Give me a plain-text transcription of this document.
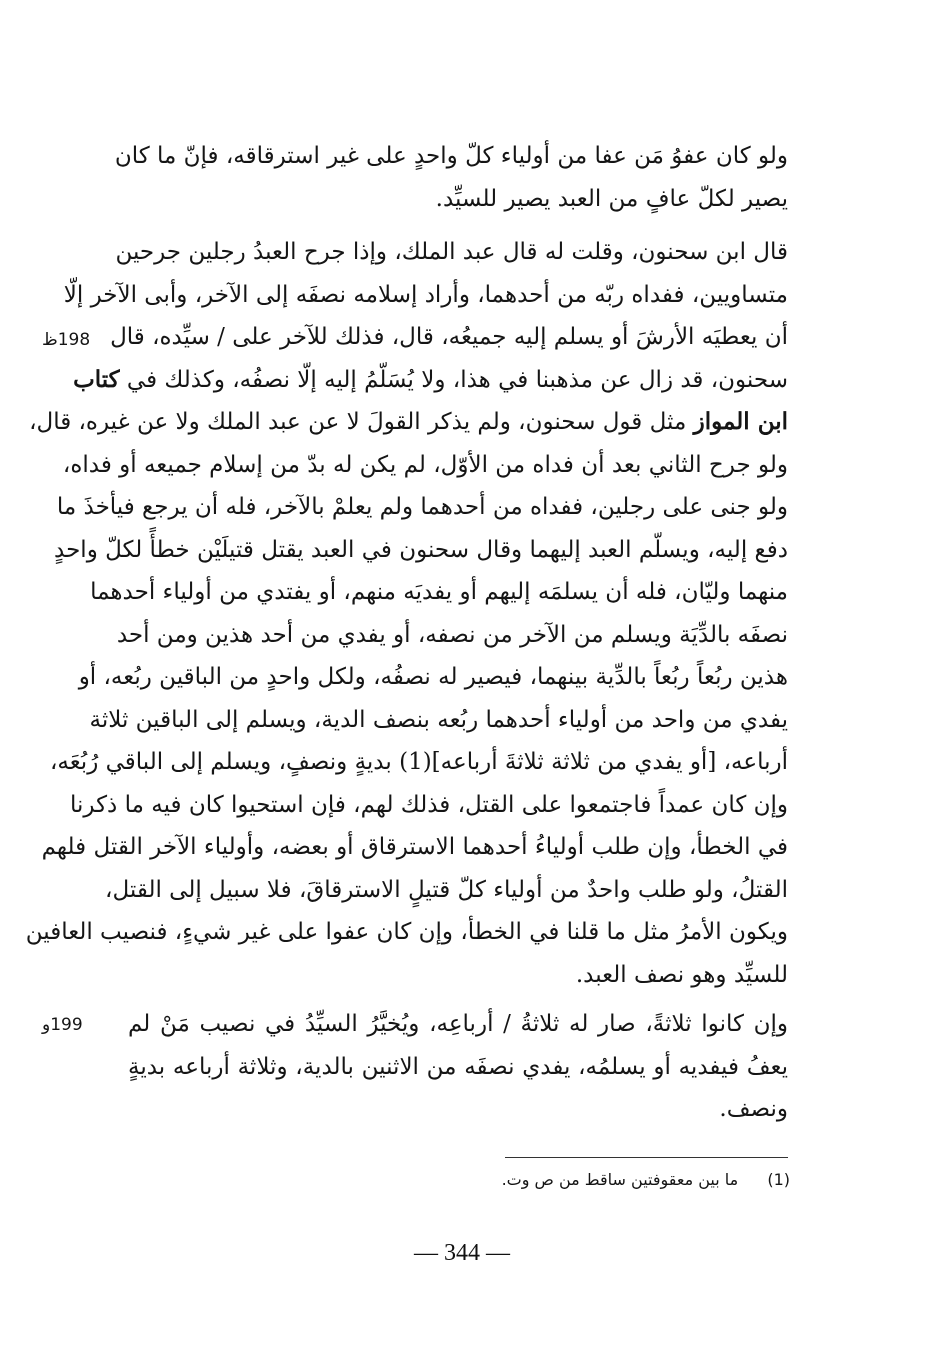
ولو كان عفوُ مَن عفا من أولياء كلّ واحدٍ على غير استرقاقه، فإنّ ما كان
يصير لكلّ عافٍ من العبد يصير للسيِّد.
قال ابن سحنون، وقلت له قال عبد الملك، وإذا جرح العبدُ رجلين جرحين
متساويين، ففداه ربّه من أحدهما، وأراد إسلامه نصفَه إلى الآخر، وأبى الآخر إلّا
أن يعطيَه الأرشَ أو يسلم إليه جميعُه، قال، فذلك للآخر على / سيِّده، قال
سحنون، قد زال عن مذهبنا في هذا، ولا يُسَلّمُ إليه إلّا نصفُه، وكذلك في كتاب
ابن المواز مثل قول سحنون، ولم يذكر القولَ لا عن عبد الملك ولا عن غيره، قال،
ولو جرح الثاني بعد أن فداه من الأوّل، لم يكن له بدّ من إسلام جميعه أو فداه،
ولو جنى على رجلين، ففداه من أحدهما ولم يعلمْ بالآخر، فله أن يرجع فيأخذَ ما
دفع إليه، ويسلّم العبد إليهما وقال سحنون في العبد يقتل قتيلَيْن خطأً لكلّ واحدٍ
منهما وليّان، فله أن يسلمَه إليهم أو يفديَه منهم، أو يفتدي من أولياء أحدهما
نصفَه بالدِّيَة ويسلم من الآخر من نصفه، أو يفدي من أحد هذين ومن أحد
هذين ربُعاً ربُعاً بالدِّية بينهما، فيصير له نصفُه، ولكل واحدٍ من الباقين ربُعه، أو
يفدي من واحد من أولياء أحدهما ربُعه بنصف الدية، ويسلم إلى الباقين ثلاثة
أرباعه، [أو يفدي من ثلاثة ثلاثةَ أرباعه](1) بديةٍ ونصفٍ، ويسلم إلى الباقي رُبُعَه،
وإن كان عمداً فاجتمعوا على القتل، فذلك لهم، فإن استحيوا كان فيه ما ذكرنا
في الخطأ، وإن طلب أولياءُ أحدهما الاسترقاق أو بعضه، وأولياء الآخر القتل فلهم
القتلُ، ولو طلب واحدٌ من أولياء كلّ قتيلٍ الاسترقاقَ، فلا سبيل إلى القتل،
ويكون الأمرُ مثل ما قلنا في الخطأ، وإن كان عفوا على غير شيءٍ، فنصيب العافين
للسيِّد وهو نصف العبد.
وإن كانوا ثلاثةً، صار له ثلاثةُ / أرباعِه، ويُخيَّرُ السيِّدُ في نصيب مَنْ لم
يعفُ فيفديه أو يسلمُه، يفدي نصفَه من الاثنين بالدية، وثلاثة أرباعه بديةٍ
ونصف.
198ظ
199و
(1) ما بين معقوفتين ساقط من ص وت.
— 344 —
